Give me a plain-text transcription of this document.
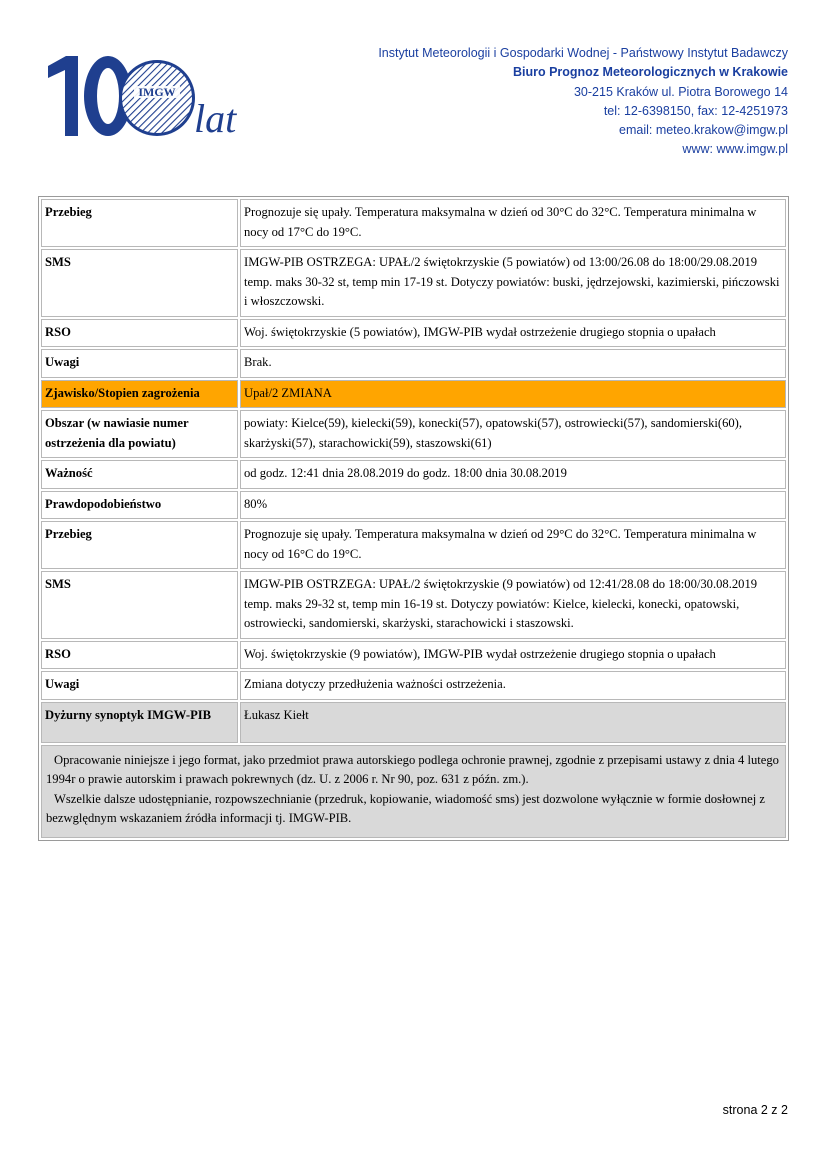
IMGW
lat
Instytut Meteorologii i Gospodarki Wodnej - Państwowy Instytut Badawczy
Biuro Prognoz Meteorologicznych w Krakowie
30-215 Kraków ul. Piotra Borowego 14
tel: 12-6398150, fax: 12-4251973
email: meteo.krakow@imgw.pl
www: www.imgw.pl
Przebieg	Prognozuje się upały. Temperatura maksymalna w dzień od 30°C do 32°C. Temperatura minimalna w nocy od 17°C do 19°C.
SMS	IMGW-PIB OSTRZEGA: UPAŁ/2 świętokrzyskie (5 powiatów) od 13:00/26.08 do 18:00/29.08.2019 temp. maks 30-32 st, temp min 17-19 st. Dotyczy powiatów: buski, jędrzejowski, kazimierski, pińczowski i włoszczowski.
RSO	Woj. świętokrzyskie (5 powiatów), IMGW-PIB wydał ostrzeżenie drugiego stopnia o upałach
Uwagi	Brak.
Zjawisko/Stopien zagrożenia	Upał/2 ZMIANA
Obszar (w nawiasie numer ostrzeżenia dla powiatu)	powiaty: Kielce(59), kielecki(59), konecki(57), opatowski(57), ostrowiecki(57), sandomierski(60), skarżyski(57), starachowicki(59), staszowski(61)
Ważność	od godz. 12:41 dnia 28.08.2019 do godz. 18:00 dnia 30.08.2019
Prawdopodobieństwo	80%
Przebieg	Prognozuje się upały. Temperatura maksymalna w dzień od 29°C do 32°C. Temperatura minimalna w nocy od 16°C do 19°C.
SMS	IMGW-PIB OSTRZEGA: UPAŁ/2 świętokrzyskie (9 powiatów) od 12:41/28.08 do 18:00/30.08.2019 temp. maks 29-32 st, temp min 16-19 st. Dotyczy powiatów: Kielce, kielecki, konecki, opatowski, ostrowiecki, sandomierski, skarżyski, starachowicki i staszowski.
RSO	Woj. świętokrzyskie (9 powiatów), IMGW-PIB wydał ostrzeżenie drugiego stopnia o upałach
Uwagi	Zmiana dotyczy przedłużenia ważności ostrzeżenia.
Dyżurny synoptyk IMGW-PIB	Łukasz Kiełt

Opracowanie niniejsze i jego format, jako przedmiot prawa autorskiego podlega ochronie prawnej, zgodnie z przepisami ustawy z dnia 4 lutego 1994r o prawie autorskim i prawach pokrewnych (dz. U. z 2006 r. Nr 90, poz. 631 z późn. zm.).
Wszelkie dalsze udostępnianie, rozpowszechnianie (przedruk, kopiowanie, wiadomość sms) jest dozwolone wyłącznie w formie dosłownej z bezwględnym wskazaniem źródła informacji tj. IMGW-PIB.	
strona 2 z 2
